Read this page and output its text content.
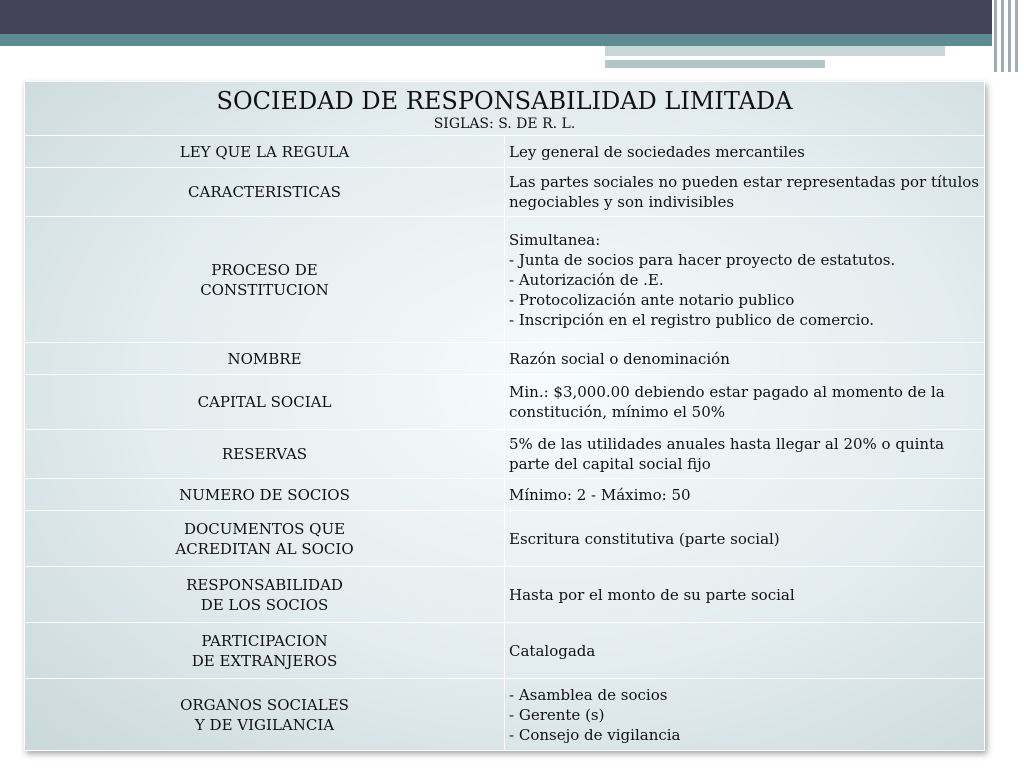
SOCIEDAD DE RESPONSABILIDAD LIMITADA
SIGLAS: S. DE R. L.	

LEY QUE LA REGULA	Ley general de sociedades mercantiles

CARACTERISTICAS	Las partes sociales no pueden estar representadas por títulos negociables y son indivisibles

PROCESO DE
CONSTITUCION	Simultanea:
- Junta de socios para hacer proyecto de estatutos.
- Autorización de .E.
- Protocolización ante notario publico
- Inscripción en el registro publico de comercio.

NOMBRE	Razón social o denominación

CAPITAL SOCIAL	Min.: $3,000.00 debiendo estar pagado al momento de la constitución, mínimo el 50%

RESERVAS	5% de las utilidades anuales hasta llegar al 20% o quinta parte del capital social fijo

NUMERO DE SOCIOS	Mínimo: 2 - Máximo: 50

DOCUMENTOS QUE
ACREDITAN AL SOCIO	Escritura constitutiva (parte social)

RESPONSABILIDAD
DE LOS SOCIOS	Hasta por el monto de su parte social

PARTICIPACION
DE EXTRANJEROS	Catalogada

ORGANOS SOCIALES
Y DE VIGILANCIA	- Asamblea de socios
- Gerente (s)
- Consejo de vigilancia
